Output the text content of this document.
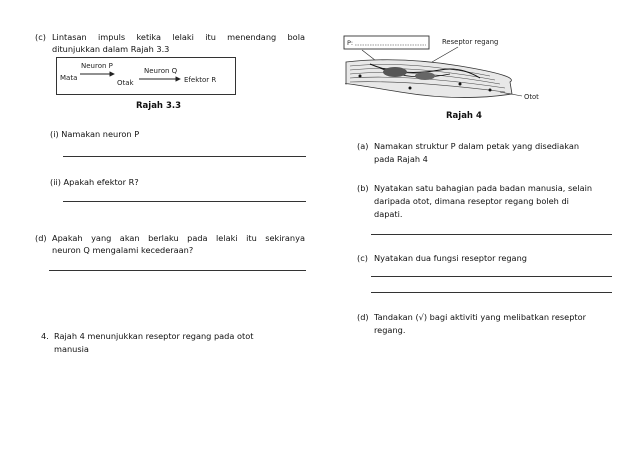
(c) Lintasan impuls ketika lelaki itu menendang bola
ditunjukkan dalam Rajah 3.3
Neuron P
Mata
Otak
Neuron Q
Efektor R
Rajah 3.3
(i) Namakan neuron P
(ii) Apakah efektor R?
(d) Apakah yang akan berlaku pada lelaki itu sekiranya
neuron Q mengalami kecederaan?
4. Rajah 4 menunjukkan reseptor regang pada otot
manusia
P:	Reseptor regang
Otot
Rajah 4
(a) Namakan struktur P dalam petak yang disediakan
pada Rajah 4
(b) Nyatakan satu bahagian pada badan manusia, selain
daripada otot, dimana reseptor regang boleh di
dapati.
(c) Nyatakan dua fungsi reseptor regang
(d) Tandakan (√) bagi aktiviti yang melibatkan reseptor
regang.
